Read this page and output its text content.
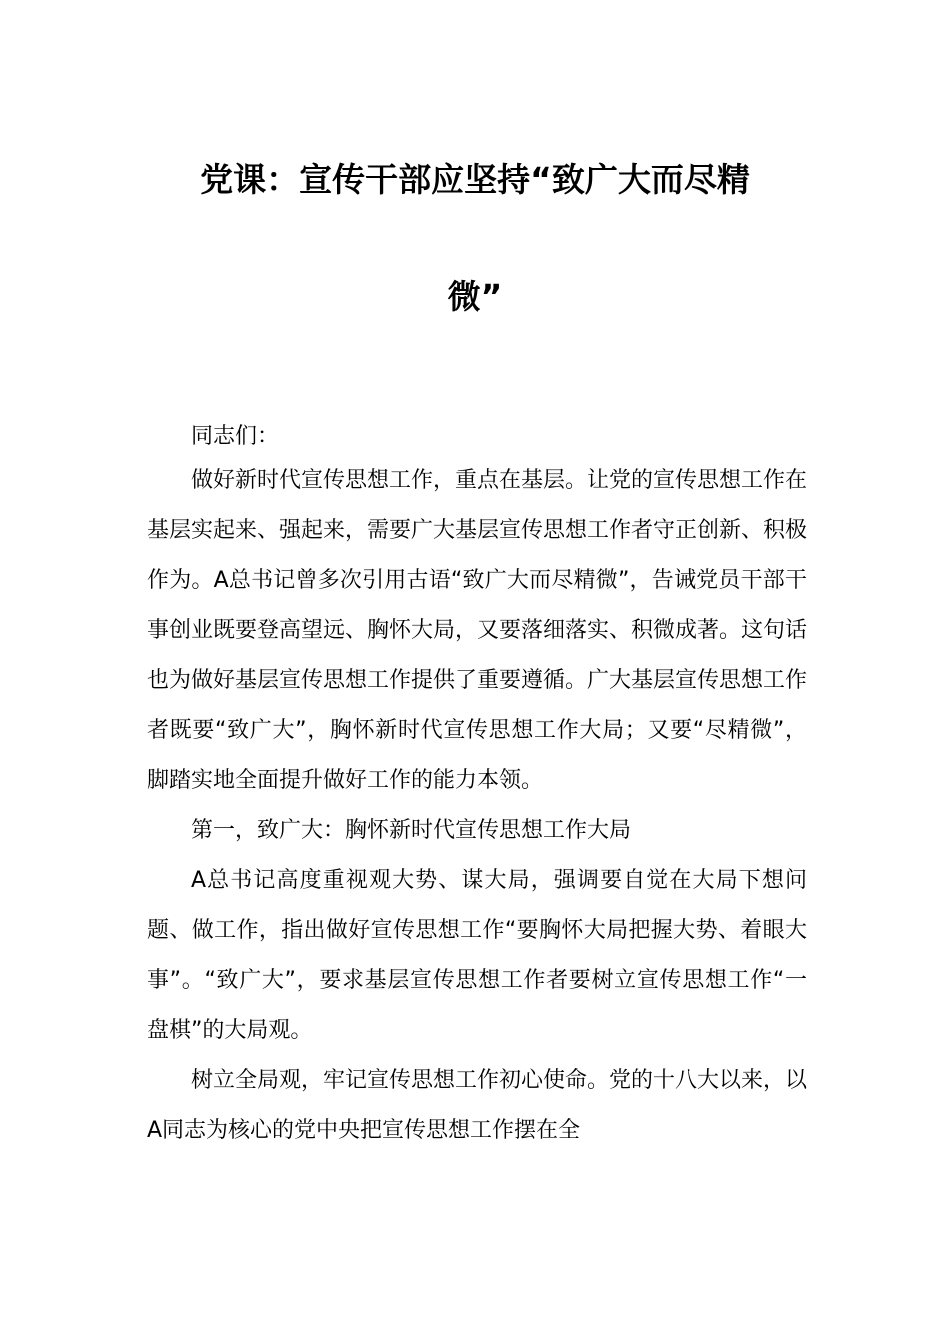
党课：宣传干部应坚持“致广大而尽精
微”

同志们：

做好新时代宣传思想工作，重点在基层。让党的宣传思想工作在基层实起来、强起来，需要广大基层宣传思想工作者守正创新、积极作为。A总书记曾多次引用古语“致广大而尽精微”，告诫党员干部干事创业既要登高望远、胸怀大局，又要落细落实、积微成著。这句话也为做好基层宣传思想工作提供了重要遵循。广大基层宣传思想工作者既要“致广大”，胸怀新时代宣传思想工作大局；又要“尽精微”，脚踏实地全面提升做好工作的能力本领。

第一，致广大：胸怀新时代宣传思想工作大局

A总书记高度重视观大势、谋大局，强调要自觉在大局下想问题、做工作，指出做好宣传思想工作“要胸怀大局把握大势、着眼大事”。“致广大”，要求基层宣传思想工作者要树立宣传思想工作“一盘棋”的大局观。

树立全局观，牢记宣传思想工作初心使命。党的十八大以来，以A同志为核心的党中央把宣传思想工作摆在全
